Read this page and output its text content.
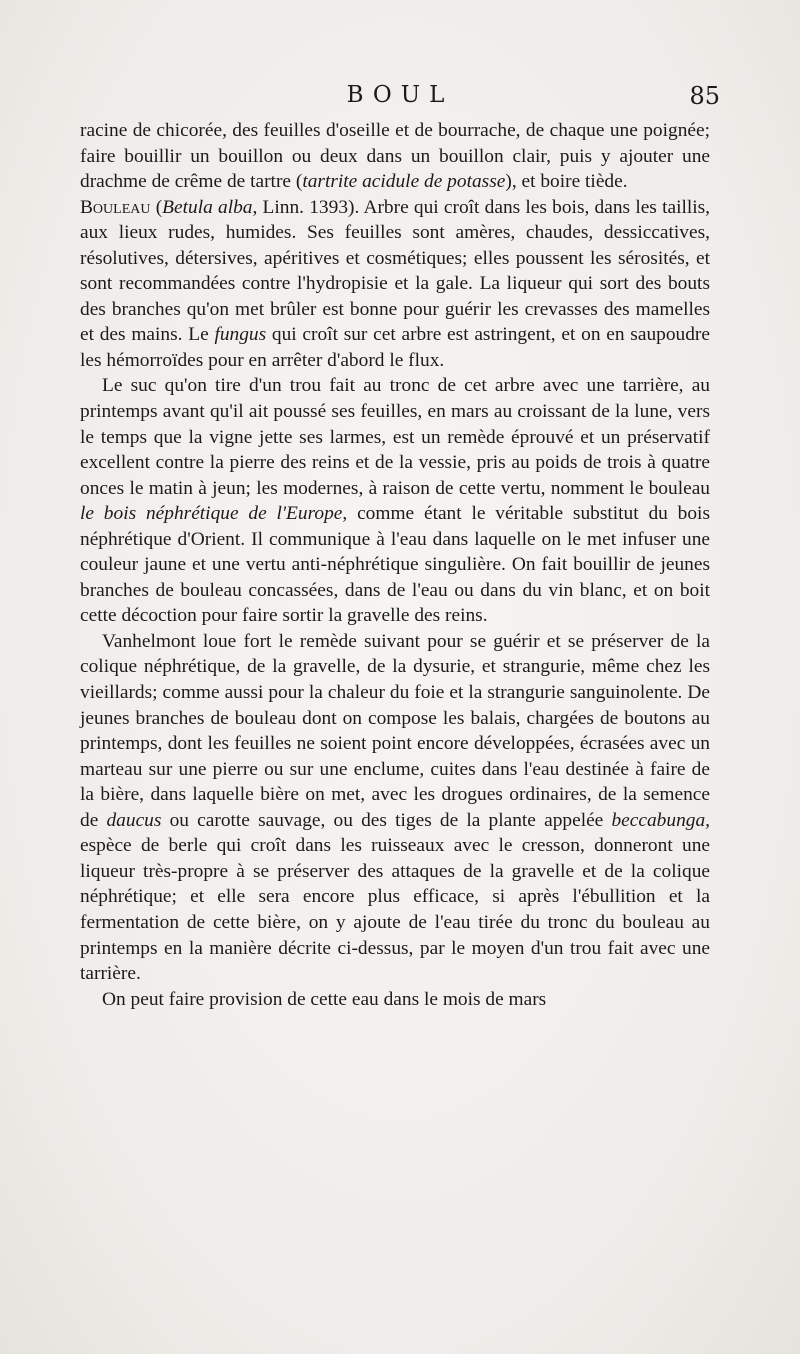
BOUL	85

racine de chicorée, des feuilles d'oseille et de bourrache, de chaque une poignée; faire bouillir un bouillon ou deux dans un bouillon clair, puis y ajouter une drachme de crême de tartre (tartrite acidule de potasse), et boire tiède.

Bouleau (Betula alba, Linn. 1393). Arbre qui croît dans les bois, dans les taillis, aux lieux rudes, humides. Ses feuilles sont amères, chaudes, dessiccatives, résolutives, détersives, apéritives et cosmétiques; elles poussent les sérosités, et sont recommandées contre l'hydropisie et la gale. La liqueur qui sort des bouts des branches qu'on met brûler est bonne pour guérir les crevasses des mamelles et des mains. Le fungus qui croît sur cet arbre est astringent, et on en saupoudre les hémorroïdes pour en arrêter d'abord le flux.

Le suc qu'on tire d'un trou fait au tronc de cet arbre avec une tarrière, au printemps avant qu'il ait poussé ses feuilles, en mars au croissant de la lune, vers le temps que la vigne jette ses larmes, est un remède éprouvé et un préservatif excellent contre la pierre des reins et de la vessie, pris au poids de trois à quatre onces le matin à jeun; les modernes, à raison de cette vertu, nomment le bouleau le bois néphrétique de l'Europe, comme étant le véritable substitut du bois néphrétique d'Orient. Il communique à l'eau dans laquelle on le met infuser une couleur jaune et une vertu anti-néphrétique singulière. On fait bouillir de jeunes branches de bouleau concassées, dans de l'eau ou dans du vin blanc, et on boit cette décoction pour faire sortir la gravelle des reins.

Vanhelmont loue fort le remède suivant pour se guérir et se préserver de la colique néphrétique, de la gravelle, de la dysurie, et strangurie, même chez les vieillards; comme aussi pour la chaleur du foie et la strangurie sanguinolente. De jeunes branches de bouleau dont on compose les balais, chargées de boutons au printemps, dont les feuilles ne soient point encore développées, écrasées avec un marteau sur une pierre ou sur une enclume, cuites dans l'eau destinée à faire de la bière, dans laquelle bière on met, avec les drogues ordinaires, de la semence de daucus ou carotte sauvage, ou des tiges de la plante appelée beccabunga, espèce de berle qui croît dans les ruisseaux avec le cresson, donneront une liqueur très-propre à se préserver des attaques de la gravelle et de la colique néphrétique; et elle sera encore plus efficace, si après l'ébullition et la fermentation de cette bière, on y ajoute de l'eau tirée du tronc du bouleau au printemps en la manière décrite ci-dessus, par le moyen d'un trou fait avec une tarrière.

On peut faire provision de cette eau dans le mois de mars
